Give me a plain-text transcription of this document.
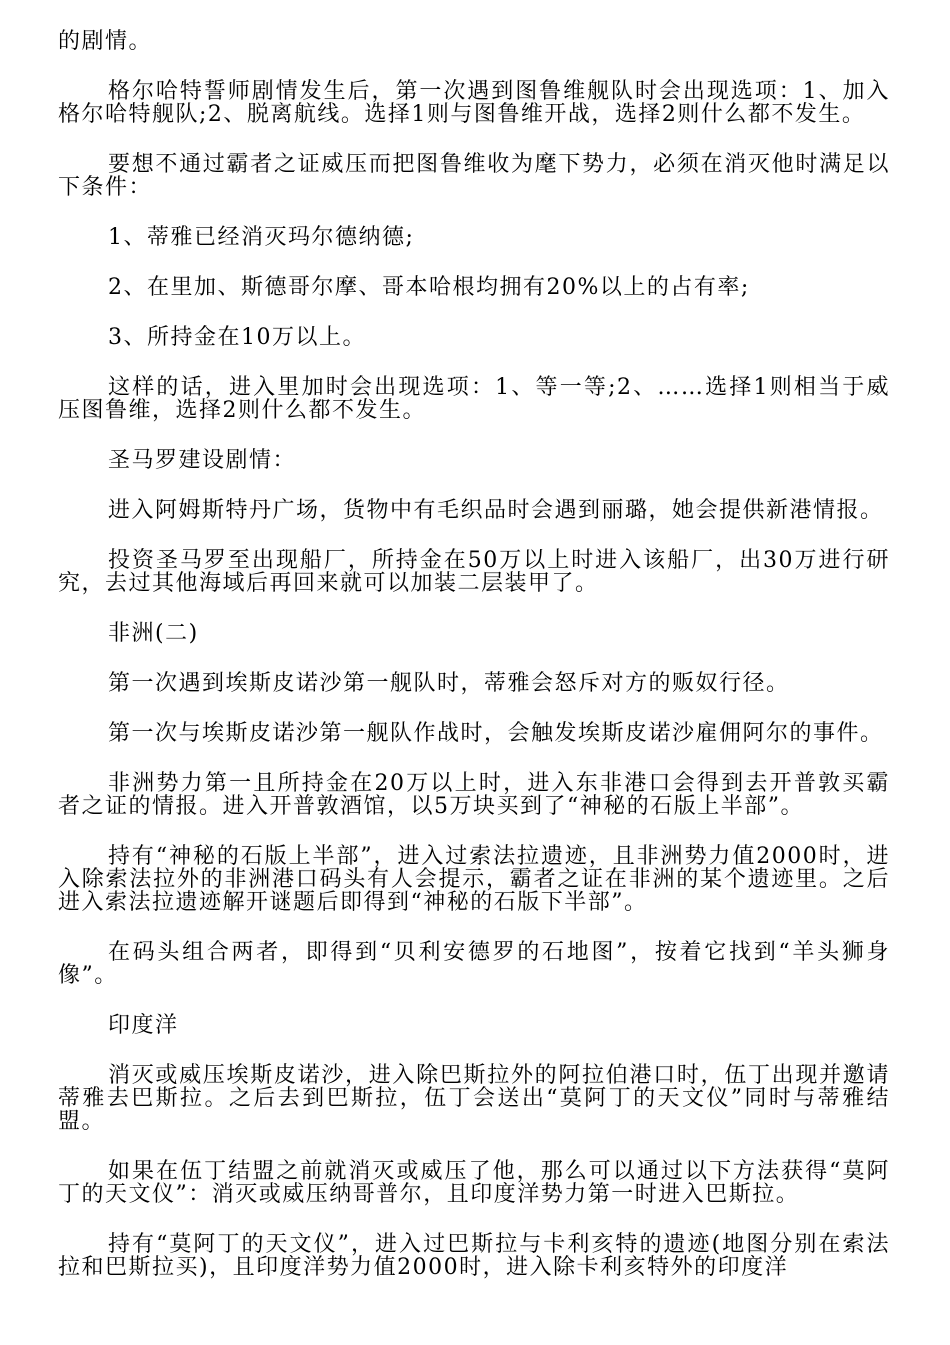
的剧情。

格尔哈特誓师剧情发生后，第一次遇到图鲁维舰队时会出现选项：1、加入格尔哈特舰队;2、脱离航线。选择1则与图鲁维开战，选择2则什么都不发生。

要想不通过霸者之证威压而把图鲁维收为麾下势力，必须在消灭他时满足以下条件：

1、蒂雅已经消灭玛尔德纳德;

2、在里加、斯德哥尔摩、哥本哈根均拥有20%以上的占有率;

3、所持金在10万以上。

这样的话，进入里加时会出现选项：1、等一等;2、……选择1则相当于威压图鲁维，选择2则什么都不发生。

圣马罗建设剧情：

进入阿姆斯特丹广场，货物中有毛织品时会遇到丽璐，她会提供新港情报。

投资圣马罗至出现船厂，所持金在50万以上时进入该船厂，出30万进行研究，去过其他海域后再回来就可以加装二层装甲了。

非洲(二)

第一次遇到埃斯皮诺沙第一舰队时，蒂雅会怒斥对方的贩奴行径。

第一次与埃斯皮诺沙第一舰队作战时，会触发埃斯皮诺沙雇佣阿尔的事件。

非洲势力第一且所持金在20万以上时，进入东非港口会得到去开普敦买霸者之证的情报。进入开普敦酒馆，以5万块买到了“神秘的石版上半部”。

持有“神秘的石版上半部”，进入过索法拉遗迹，且非洲势力值2000时，进入除索法拉外的非洲港口码头有人会提示，霸者之证在非洲的某个遗迹里。之后进入索法拉遗迹解开谜题后即得到“神秘的石版下半部”。

在码头组合两者，即得到“贝利安德罗的石地图”，按着它找到“羊头狮身像”。

印度洋

消灭或威压埃斯皮诺沙，进入除巴斯拉外的阿拉伯港口时，伍丁出现并邀请蒂雅去巴斯拉。之后去到巴斯拉，伍丁会送出“莫阿丁的天文仪”同时与蒂雅结盟。

如果在伍丁结盟之前就消灭或威压了他，那么可以通过以下方法获得“莫阿丁的天文仪”：消灭或威压纳哥普尔，且印度洋势力第一时进入巴斯拉。

持有“莫阿丁的天文仪”，进入过巴斯拉与卡利亥特的遗迹(地图分别在索法拉和巴斯拉买)，且印度洋势力值2000时，进入除卡利亥特外的印度洋
